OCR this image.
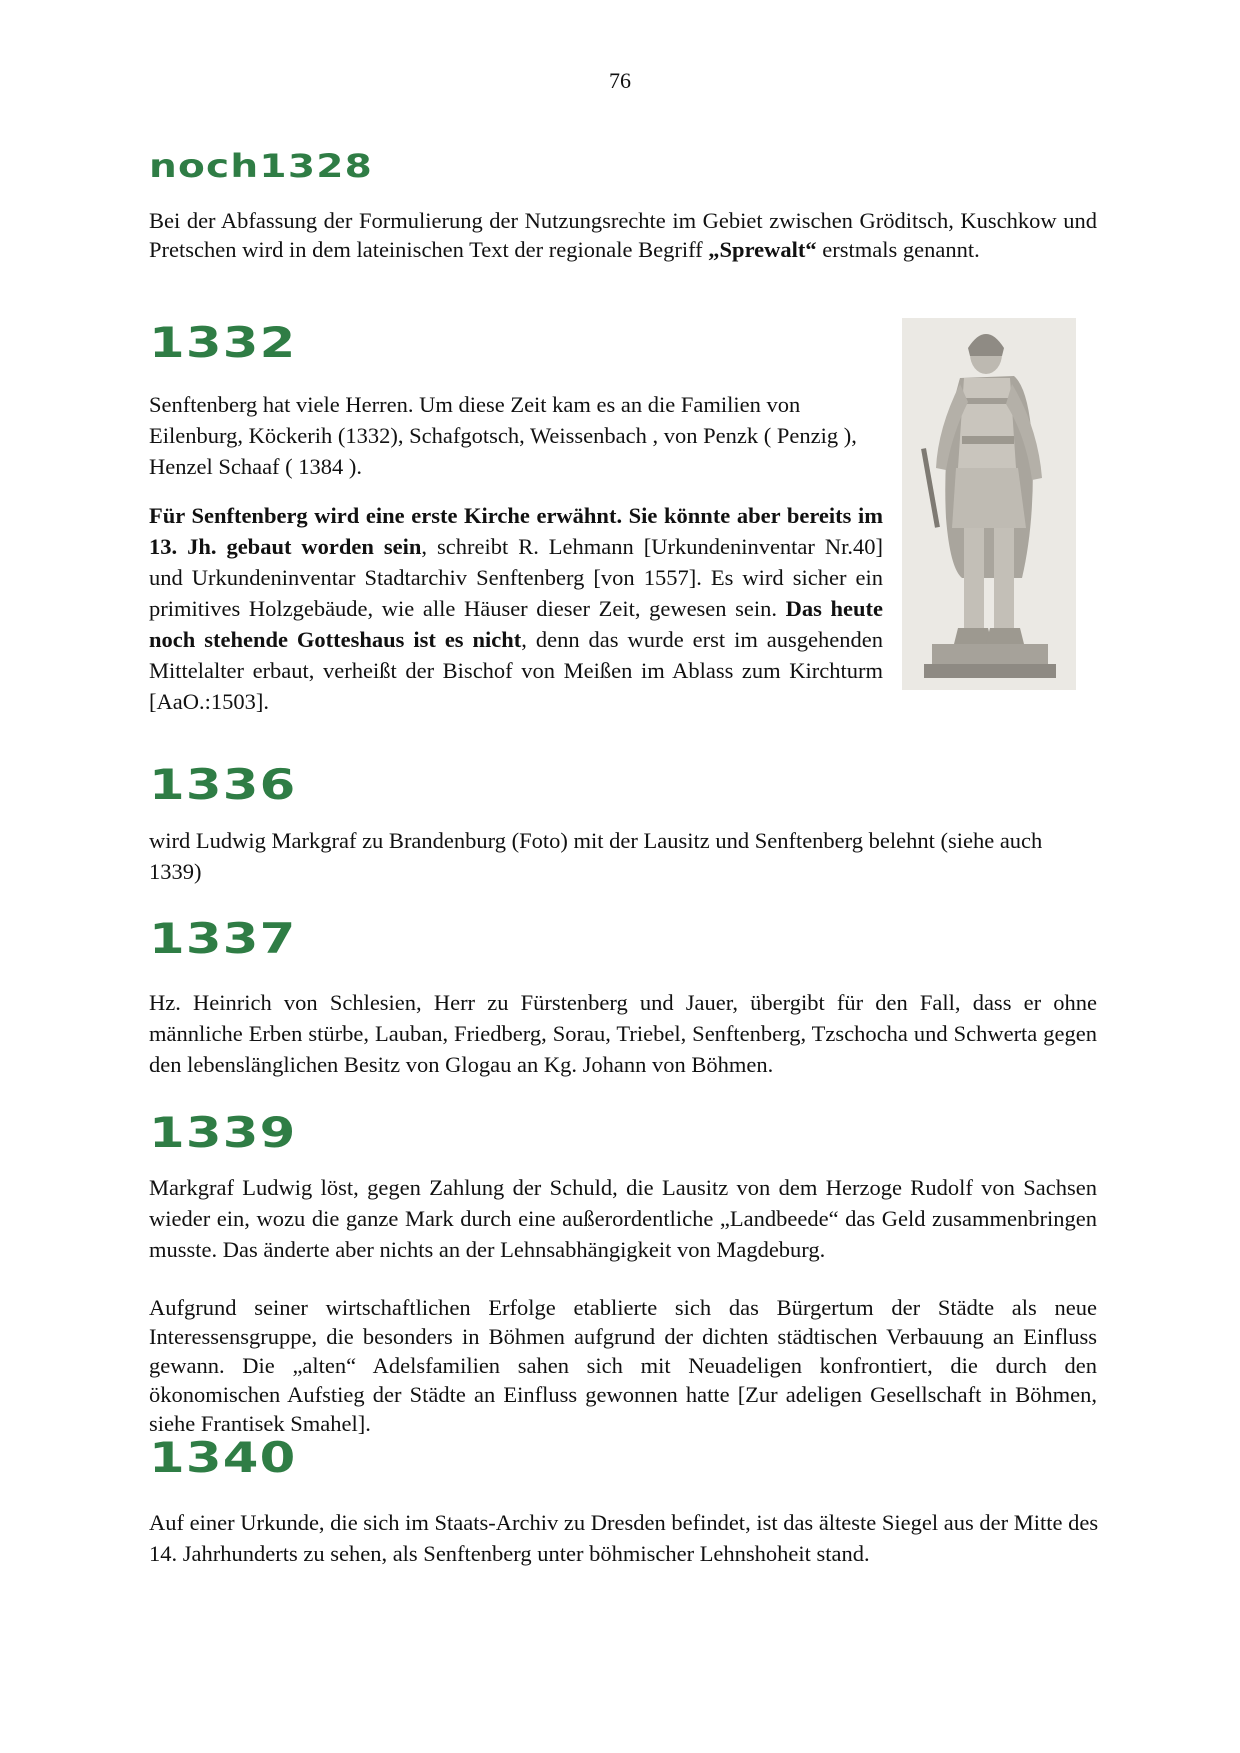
76
noch1328

Bei der Abfassung der Formulierung der Nutzungsrechte im Gebiet zwischen Gröditsch, Kuschkow und Pretschen wird in dem lateinischen Text der regionale Begriff „Sprewalt“ erstmals genannt.

1332

Senftenberg hat viele Herren. Um diese Zeit kam es an die Familien von Eilenburg, Köckerih (1332), Schafgotsch, Weissenbach , von Penzk ( Penzig ), Henzel Schaaf ( 1384 ).

Für Senftenberg wird eine erste Kirche erwähnt. Sie könnte aber bereits im 13. Jh. gebaut worden sein, schreibt R. Lehmann [Urkundeninventar Nr.40] und Urkundeninventar Stadtarchiv Senftenberg [von 1557]. Es wird sicher ein primitives Holzgebäude, wie alle Häuser dieser Zeit, gewesen sein. Das heute noch stehende Gotteshaus ist es nicht, denn das wurde erst im ausgehenden Mittelalter erbaut, verheißt der Bischof von Meißen im Ablass zum Kirchturm [AaO.:1503].

1336

wird Ludwig Markgraf zu Brandenburg (Foto) mit der Lausitz und Senftenberg belehnt (siehe auch 1339)

1337

Hz. Heinrich von Schlesien, Herr zu Fürstenberg und Jauer, übergibt für den Fall, dass er ohne männliche Erben stürbe, Lauban, Friedberg, Sorau, Triebel, Senftenberg, Tzschocha und Schwerta gegen den lebenslänglichen Besitz von Glogau an Kg. Johann von Böhmen.

1339

Markgraf Ludwig löst, gegen Zahlung der Schuld, die Lausitz von dem Herzoge Rudolf von Sachsen wieder ein, wozu die ganze Mark durch eine außerordentliche „Landbeede“ das Geld zusammenbringen musste. Das änderte aber nichts an der Lehnsabhängigkeit von Magdeburg.

Aufgrund seiner wirtschaftlichen Erfolge etablierte sich das Bürgertum der Städte als neue Interessensgruppe, die besonders in Böhmen aufgrund der dichten städtischen Verbauung an Einfluss gewann. Die „alten“ Adelsfamilien sahen sich mit Neuadeligen konfrontiert, die durch den ökonomischen Aufstieg der Städte an Einfluss gewonnen hatte [Zur adeligen Gesellschaft in Böhmen, siehe Frantisek Smahel].

1340

Auf einer Urkunde, die sich im Staats-Archiv zu Dresden befindet, ist das älteste Siegel aus der Mitte des 14. Jahrhunderts zu sehen, als Senftenberg unter böhmischer Lehnshoheit stand.
